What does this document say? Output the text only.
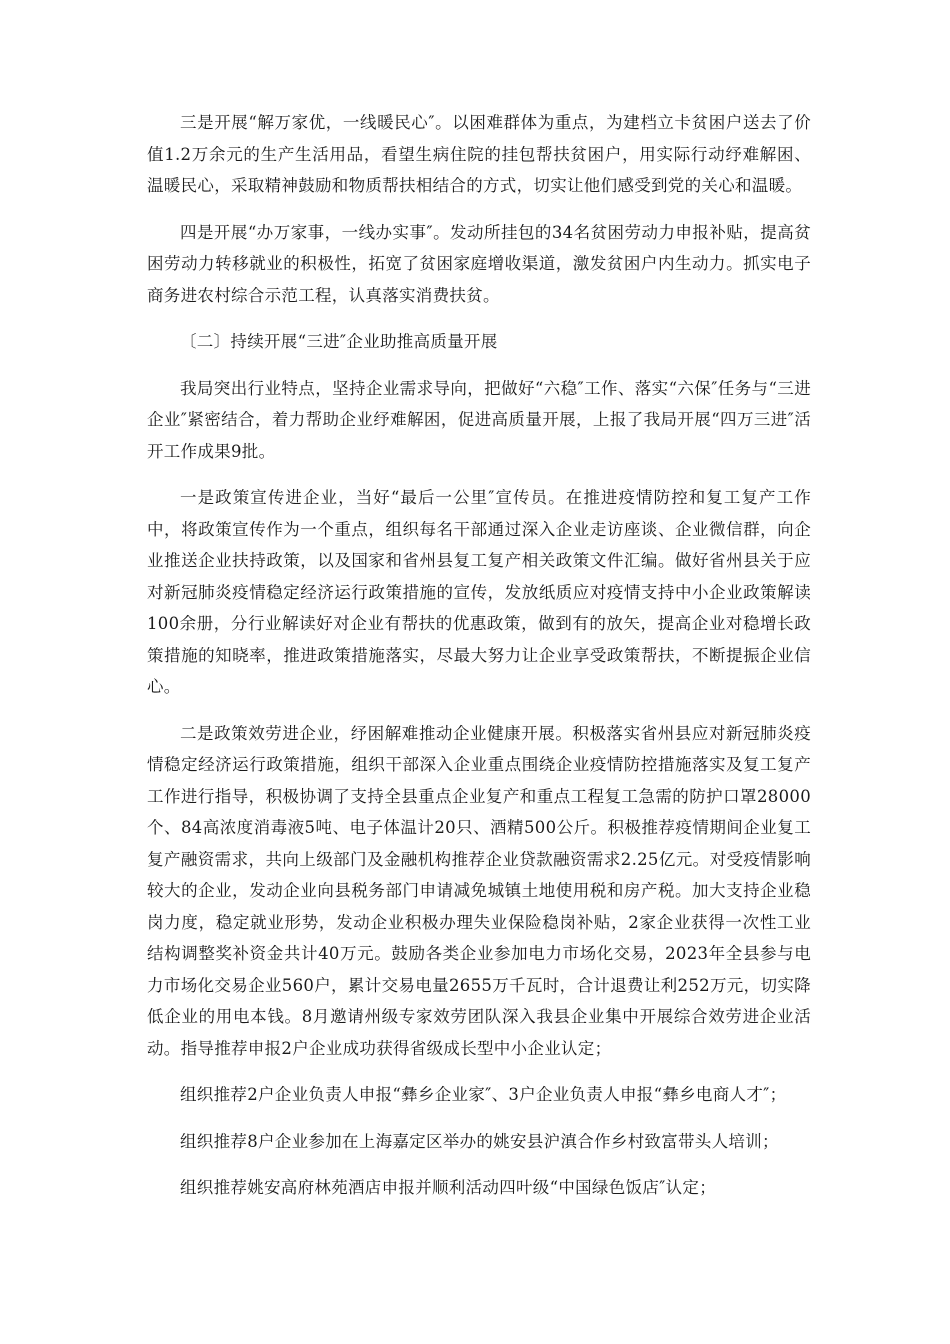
三是开展“解万家优，一线暖民心″。以困难群体为重点，为建档立卡贫困户送去了价值1.2万余元的生产生活用品，看望生病住院的挂包帮扶贫困户，用实际行动纾难解困、温暖民心，采取精神鼓励和物质帮扶相结合的方式，切实让他们感受到党的关心和温暖。

四是开展“办万家事，一线办实事″。发动所挂包的34名贫困劳动力申报补贴，提高贫困劳动力转移就业的积极性，拓宽了贫困家庭增收渠道，激发贫困户内生动力。抓实电子商务进农村综合示范工程，认真落实消费扶贫。

〔二〕持续开展“三进″企业助推高质量开展

我局突出行业特点，坚持企业需求导向，把做好“六稳″工作、落实“六保″任务与“三进企业″紧密结合，着力帮助企业纾难解困，促进高质量开展，上报了我局开展“四万三进″活开工作成果9批。

一是政策宣传进企业，当好“最后一公里″宣传员。在推进疫情防控和复工复产工作中，将政策宣传作为一个重点，组织每名干部通过深入企业走访座谈、企业微信群，向企业推送企业扶持政策，以及国家和省州县复工复产相关政策文件汇编。做好省州县关于应对新冠肺炎疫情稳定经济运行政策措施的宣传，发放纸质应对疫情支持中小企业政策解读100余册，分行业解读好对企业有帮扶的优惠政策，做到有的放矢，提高企业对稳增长政策措施的知晓率，推进政策措施落实，尽最大努力让企业享受政策帮扶，不断提振企业信心。

二是政策效劳进企业，纾困解难推动企业健康开展。积极落实省州县应对新冠肺炎疫情稳定经济运行政策措施，组织干部深入企业重点围绕企业疫情防控措施落实及复工复产工作进行指导，积极协调了支持全县重点企业复产和重点工程复工急需的防护口罩28000个、84高浓度消毒液5吨、电子体温计20只、酒精500公斤。积极推荐疫情期间企业复工复产融资需求，共向上级部门及金融机构推荐企业贷款融资需求2.25亿元。对受疫情影响较大的企业，发动企业向县税务部门申请减免城镇土地使用税和房产税。加大支持企业稳岗力度，稳定就业形势，发动企业积极办理失业保险稳岗补贴，2家企业获得一次性工业结构调整奖补资金共计40万元。鼓励各类企业参加电力市场化交易，2023年全县参与电力市场化交易企业560户，累计交易电量2655万千瓦时，合计退费让利252万元，切实降低企业的用电本钱。8月邀请州级专家效劳团队深入我县企业集中开展综合效劳进企业活动。指导推荐申报2户企业成功获得省级成长型中小企业认定；

组织推荐2户企业负责人申报“彝乡企业家″、3户企业负责人申报“彝乡电商人才″；

组织推荐8户企业参加在上海嘉定区举办的姚安县沪滇合作乡村致富带头人培训；

组织推荐姚安高府林苑酒店申报并顺利活动四叶级“中国绿色饭店″认定；
